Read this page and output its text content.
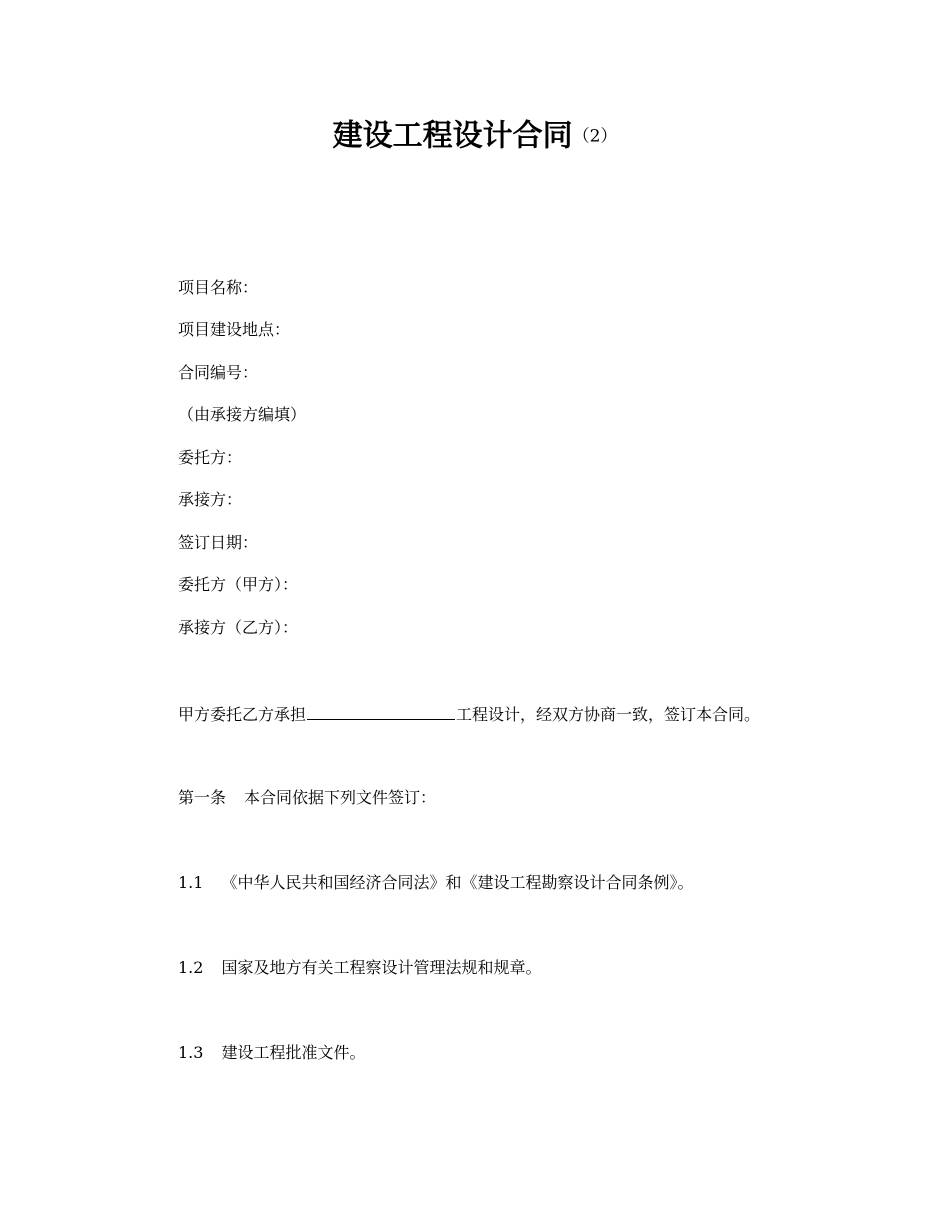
建设工程设计合同（2）
项目名称：
项目建设地点：
合同编号：
（由承接方编填）
委托方：
承接方：
签订日期：
委托方（甲方）：
承接方（乙方）：
甲方委托乙方承担	工程设计，经双方协商一致，签订本合同。
第一条 本合同依据下列文件签订：
1.1 《中华人民共和国经济合同法》和《建设工程勘察设计合同条例》。
1.2 国家及地方有关工程察设计管理法规和规章。
1.3 建设工程批准文件。
